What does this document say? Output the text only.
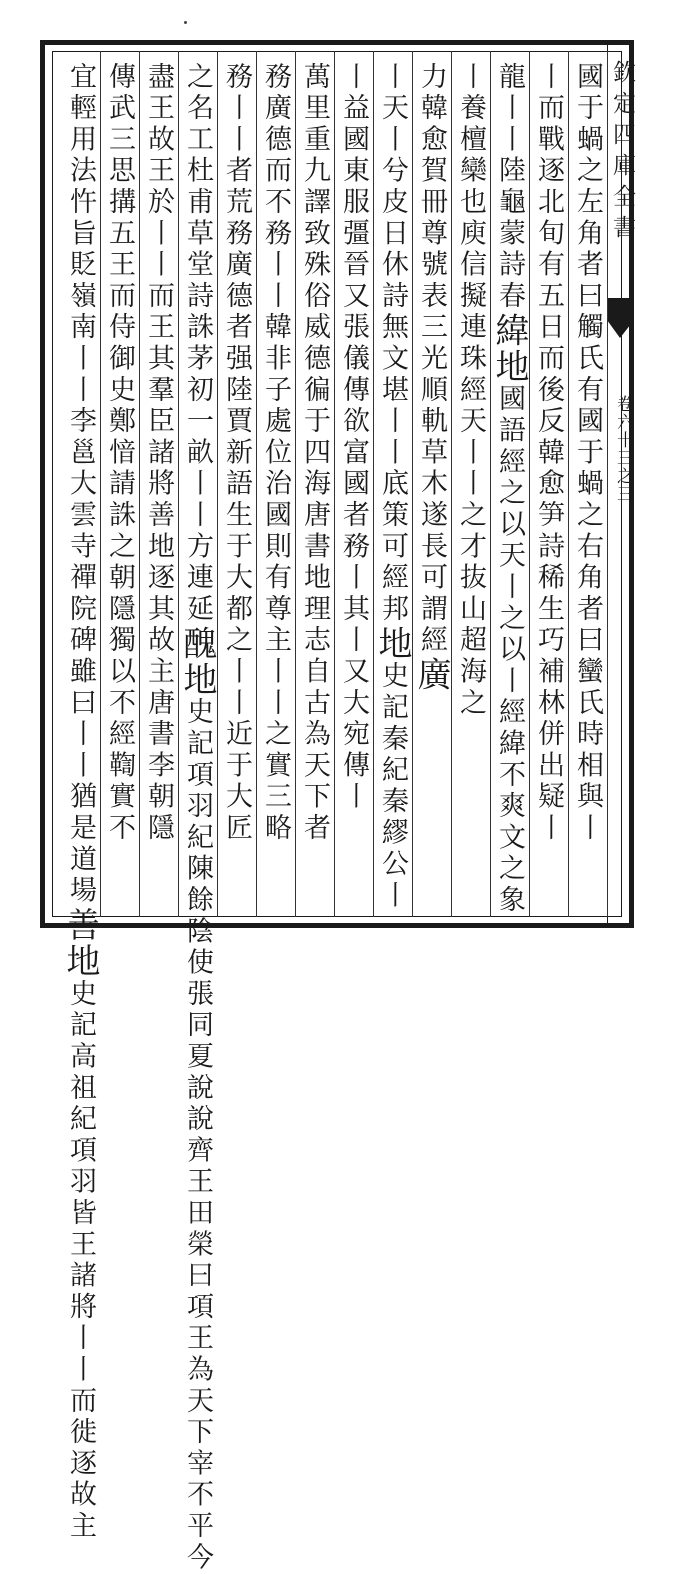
欽定四庫全書
卷六十三之三
國于蝸之左角者曰觸氏有國于蝸之右角者曰蠻氏時相與丨
丨而戰逐北旬有五日而後反韓愈笋詩稀生巧補林併出疑丨
龍丨丨陸龜蒙詩春緯地國語經之以天丨之以丨經緯不爽文之象
丨養檀欒也庾信擬連珠經天丨丨之才抜山超海之
力韓愈賀冊尊號表三光順軌草木遂長可謂經廣
丨天丨兮皮日休詩無文堪丨丨底策可經邦地史記秦紀秦繆公丨
丨益國東服彊晉又張儀傳欲富國者務丨其丨又大宛傳丨
萬里重九譯致殊俗威德徧于四海唐書地理志自古為天下者
務廣德而不務丨丨韓非子處位治國則有尊主丨丨之實三略
務丨丨者荒務廣德者强陸賈新語生于大都之丨丨近于大匠
之名工杜甫草堂詩誅茅初一畝丨丨方連延醜地史記項羽紀陳餘陰使張同夏說說齊王田榮曰項王為天下宰不平今
盡王故王於丨丨而王其羣臣諸將善地逐其故主唐書李朝隱
傳武三思搆五王而侍御史鄭愔請誅之朝隱獨以不經鞫實不
宜輕用法忤旨貶嶺南丨丨李邕大雲寺禪院碑雖曰丨丨猶是道場善地史記高祖紀項羽皆王諸將丨丨而徙逐故主
